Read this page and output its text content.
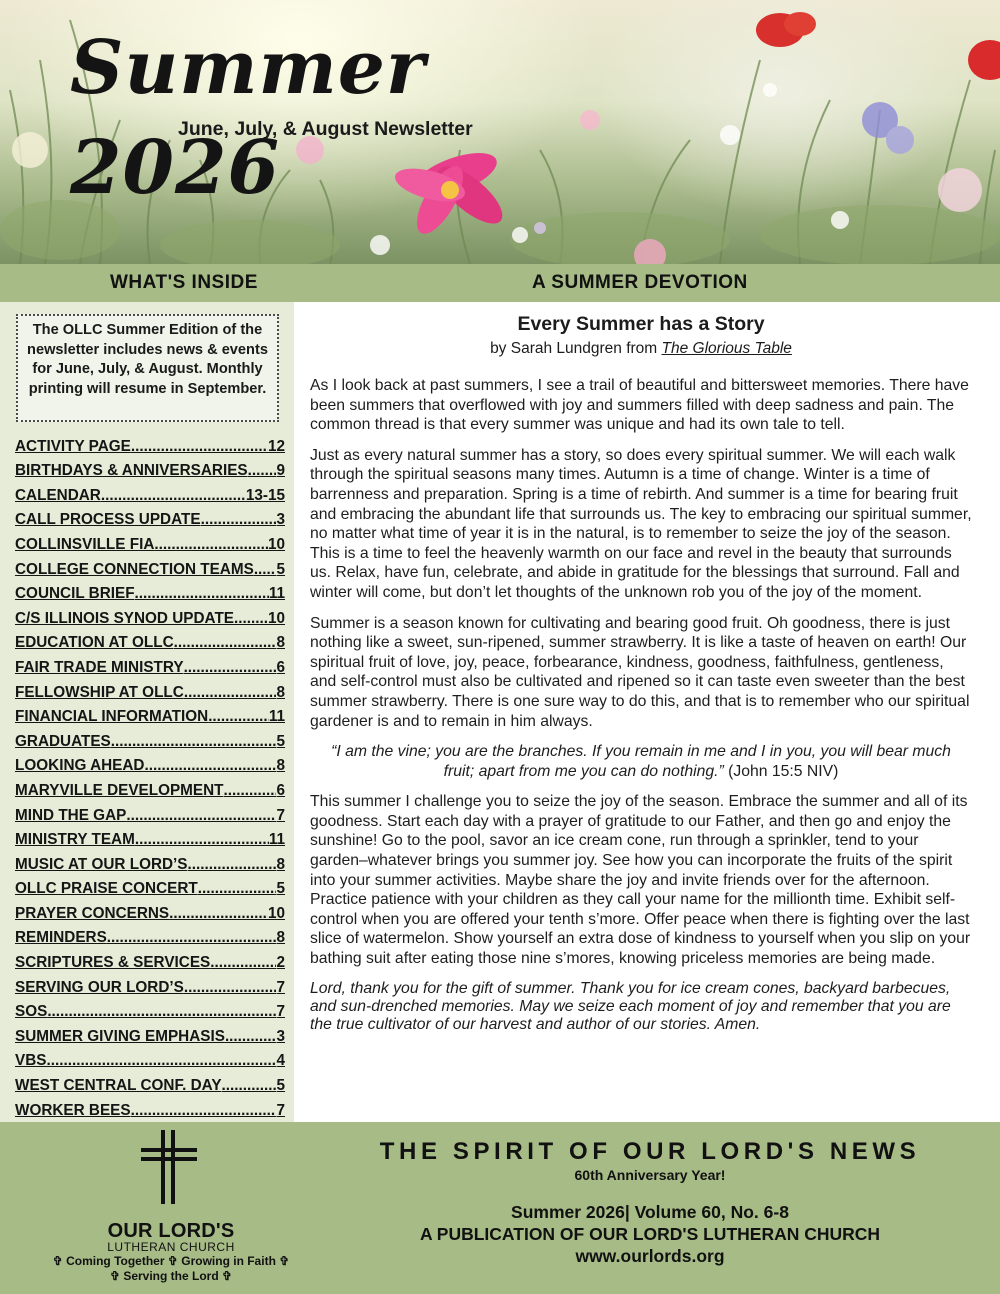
Summer 2026
June, July, & August Newsletter
WHAT'S INSIDE	A SUMMER DEVOTION
The OLLC Summer Edition of the newsletter includes news & events for June, July, & August. Monthly printing will resume in September.
ACTIVITY PAGE .....	12
BIRTHDAYS & ANNIVERSARIES ..... 9
CALENDAR .....	13-15
CALL PROCESS UPDATE .....	3
COLLINSVILLE FIA .....	10
COLLEGE CONNECTION TEAMS ..... 5
COUNCIL BRIEF .....	11
C/S ILLINOIS SYNOD UPDATE ..... 10
EDUCATION AT OLLC .....	8
FAIR TRADE MINISTRY .....	6
FELLOWSHIP AT OLLC .....	8
FINANCIAL INFORMATION .....	11
GRADUATES .....	5
LOOKING AHEAD .....	8
MARYVILLE DEVELOPMENT .....	6
MIND THE GAP .....	7
MINISTRY TEAM .....	11
MUSIC AT OUR LORD’S .....	8
OLLC PRAISE CONCERT .....	5
PRAYER CONCERNS .....	10
REMINDERS .....	8
SCRIPTURES & SERVICES .....	2
SERVING OUR LORD’S .....	7
SOS .....	7
SUMMER GIVING EMPHASIS .....	3
VBS .....	4
WEST CENTRAL CONF. DAY .....	5
WORKER BEES .....	7
Every Summer has a Story
by Sarah Lundgren from The Glorious Table

As I look back at past summers, I see a trail of beautiful and bittersweet memories. There have been summers that overflowed with joy and summers filled with deep sadness and pain. The common thread is that every summer was unique and had its own tale to tell.

Just as every natural summer has a story, so does every spiritual summer. We will each walk through the spiritual seasons many times. Autumn is a time of change. Winter is a time of barrenness and preparation. Spring is a time of rebirth. And summer is a time for bearing fruit and embracing the abundant life that surrounds us. The key to embracing our spiritual summer, no matter what time of year it is in the natural, is to remember to seize the joy of the season. This is a time to feel the heavenly warmth on our face and revel in the beauty that surrounds us. Relax, have fun, celebrate, and abide in gratitude for the blessings that surround. Fall and winter will come, but don’t let thoughts of the unknown rob you of the joy of the moment.

Summer is a season known for cultivating and bearing good fruit. Oh goodness, there is just nothing like a sweet, sun-ripened, summer strawberry. It is like a taste of heaven on earth! Our spiritual fruit of love, joy, peace, forbearance, kindness, goodness, faithfulness, gentleness, and self-control must also be cultivated and ripened so it can taste even sweeter than the best summer strawberry. There is one sure way to do this, and that is to remember who our spiritual gardener is and to remain in him always.

“I am the vine; you are the branches. If you remain in me and I in you, you will bear much fruit; apart from me you can do nothing.” (John 15:5 NIV)

This summer I challenge you to seize the joy of the season. Embrace the summer and all of its goodness. Start each day with a prayer of gratitude to our Father, and then go and enjoy the sunshine! Go to the pool, savor an ice cream cone, run through a sprinkler, tend to your garden–whatever brings you summer joy. See how you can incorporate the fruits of the spirit into your summer activities. Maybe share the joy and invite friends over for the afternoon. Practice patience with your children as they call your name for the millionth time. Exhibit self-control when you are offered your tenth s’more. Offer peace when there is fighting over the last slice of watermelon. Show yourself an extra dose of kindness to yourself when you slip on your bathing suit after eating those nine s’mores, knowing priceless memories are being made.

Lord, thank you for the gift of summer. Thank you for ice cream cones, backyard barbecues, and sun-drenched memories. May we seize each moment of joy and remember that you are the true cultivator of our harvest and author of our stories. Amen.

OUR LORD'S
LUTHERAN CHURCH
✞ Coming Together ✞ Growing in Faith ✞
✞ Serving the Lord ✞
THE SPIRIT OF OUR LORD'S NEWS
60th Anniversary Year!
Summer 2026| Volume 60, No. 6-8
A PUBLICATION OF OUR LORD'S LUTHERAN CHURCH
www.ourlords.org
